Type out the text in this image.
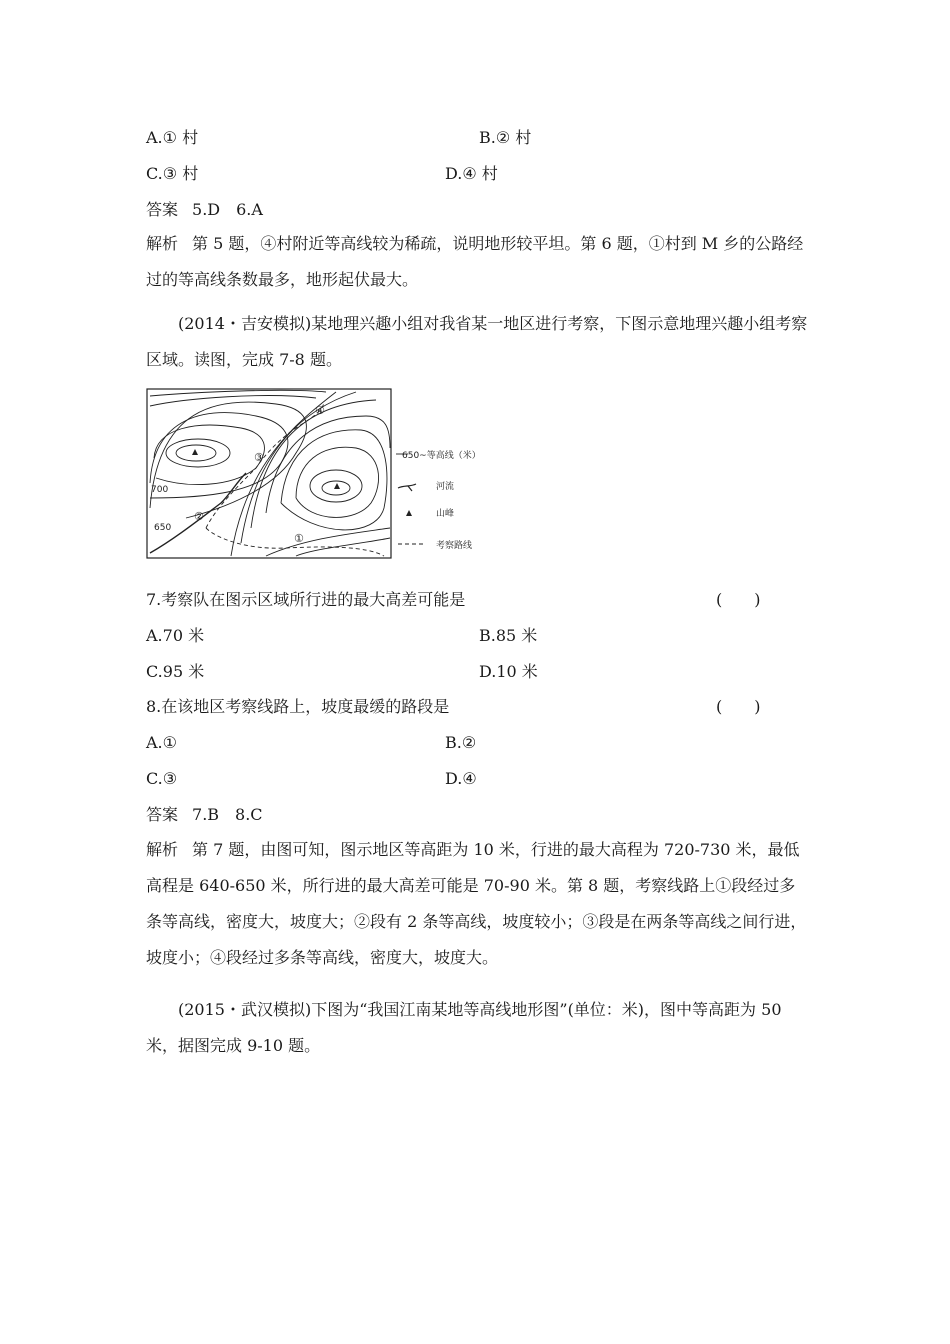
A.① 村	B.② 村
C.③ 村	D.④ 村
答案 5.D　6.A
解析 第 5 题，④村附近等高线较为稀疏，说明地形较平坦。第 6 题，①村到 M 乡的公路经过的等高线条数最多，地形起伏最大。
(2014・吉安模拟)某地理兴趣小组对我省某一地区进行考察，下图示意地理兴趣小组考察区域。读图，完成 7-8 题。
④
③
②
①
700
650
650~等高线（米）
河流
山峰
考察路线
7.考察队在图示区域所行进的最大高差可能是	(　　)
A.70 米	B.85 米
C.95 米	D.10 米
8.在该地区考察线路上，坡度最缓的路段是	(　　)
A.①	B.②
C.③	D.④
答案 7.B　8.C
解析 第 7 题，由图可知，图示地区等高距为 10 米，行进的最大高程为 720-730 米，最低高程是 640-650 米，所行进的最大高差可能是 70-90 米。第 8 题，考察线路上①段经过多条等高线，密度大，坡度大；②段有 2 条等高线，坡度较小；③段是在两条等高线之间行进，坡度小；④段经过多条等高线，密度大，坡度大。
(2015・武汉模拟)下图为“我国江南某地等高线地形图”(单位：米)，图中等高距为 50 米，据图完成 9-10 题。
